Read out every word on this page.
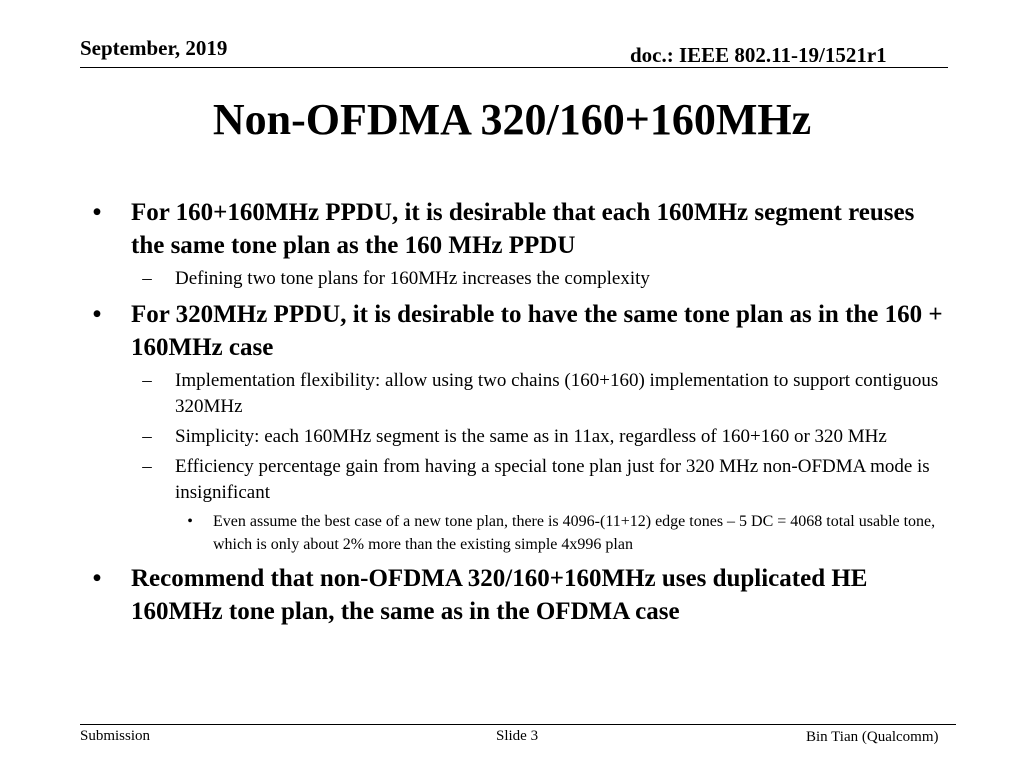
September, 2019	doc.: IEEE 802.11-19/1521r1
Non-OFDMA 320/160+160MHz
• For 160+160MHz PPDU, it is desirable that each 160MHz segment reuses the same tone plan as the 160 MHz PPDU
– Defining two tone plans for 160MHz increases the complexity
• For 320MHz PPDU, it is desirable to have the same tone plan as in the 160 + 160MHz case
– Implementation flexibility: allow using two chains (160+160) implementation to support contiguous 320MHz
– Simplicity: each 160MHz segment is the same as in 11ax, regardless of 160+160 or 320 MHz
– Efficiency percentage gain from having a special tone plan just for 320 MHz non-OFDMA mode is insignificant
• Even assume the best case of a new tone plan, there is 4096-(11+12) edge tones – 5 DC = 4068 total usable tone, which is only about 2% more than the existing simple 4x996 plan
• Recommend that non-OFDMA 320/160+160MHz uses duplicated HE 160MHz tone plan, the same as in the OFDMA case
Submission	Slide 3	Bin Tian (Qualcomm)
